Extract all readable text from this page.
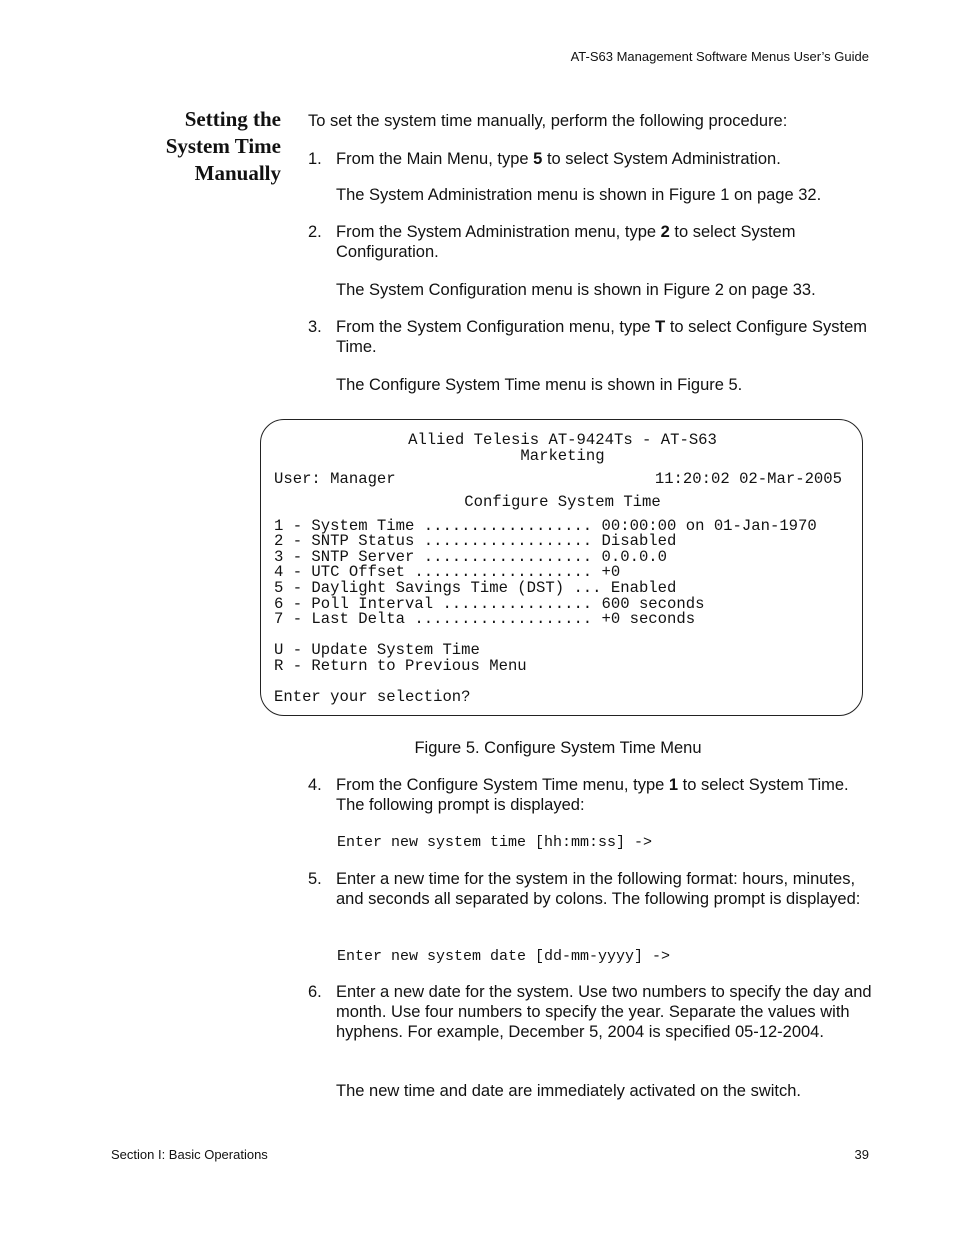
AT-S63 Management Software Menus User’s Guide
Setting the
System Time
Manually
To set the system time manually, perform the following procedure:
1. From the Main Menu, type 5 to select System Administration.
The System Administration menu is shown in Figure 1 on page 32.
2. From the System Administration menu, type 2 to select System Configuration.
The System Configuration menu is shown in Figure 2 on page 33.
3. From the System Configuration menu, type T to select Configure System Time.
The Configure System Time menu is shown in Figure 5.
Allied Telesis AT-9424Ts - AT-S63
Marketing
User: Manager	11:20:02 02-Mar-2005
Configure System Time
1 - System Time .................. 00:00:00 on 01-Jan-1970
2 - SNTP Status .................. Disabled
3 - SNTP Server .................. 0.0.0.0
4 - UTC Offset ................... +0
5 - Daylight Savings Time (DST) ... Enabled
6 - Poll Interval ................ 600 seconds
7 - Last Delta ................... +0 seconds
U - Update System Time
R - Return to Previous Menu
Enter your selection?
Figure 5. Configure System Time Menu
4. From the Configure System Time menu, type 1 to select System Time. The following prompt is displayed:
Enter new system time [hh:mm:ss] ->
5. Enter a new time for the system in the following format: hours, minutes, and seconds all separated by colons. The following prompt is displayed:
Enter new system date [dd-mm-yyyy] ->
6. Enter a new date for the system. Use two numbers to specify the day and month. Use four numbers to specify the year. Separate the values with hyphens. For example, December 5, 2004 is specified 05-12-2004.
The new time and date are immediately activated on the switch.
Section I: Basic Operations	39
